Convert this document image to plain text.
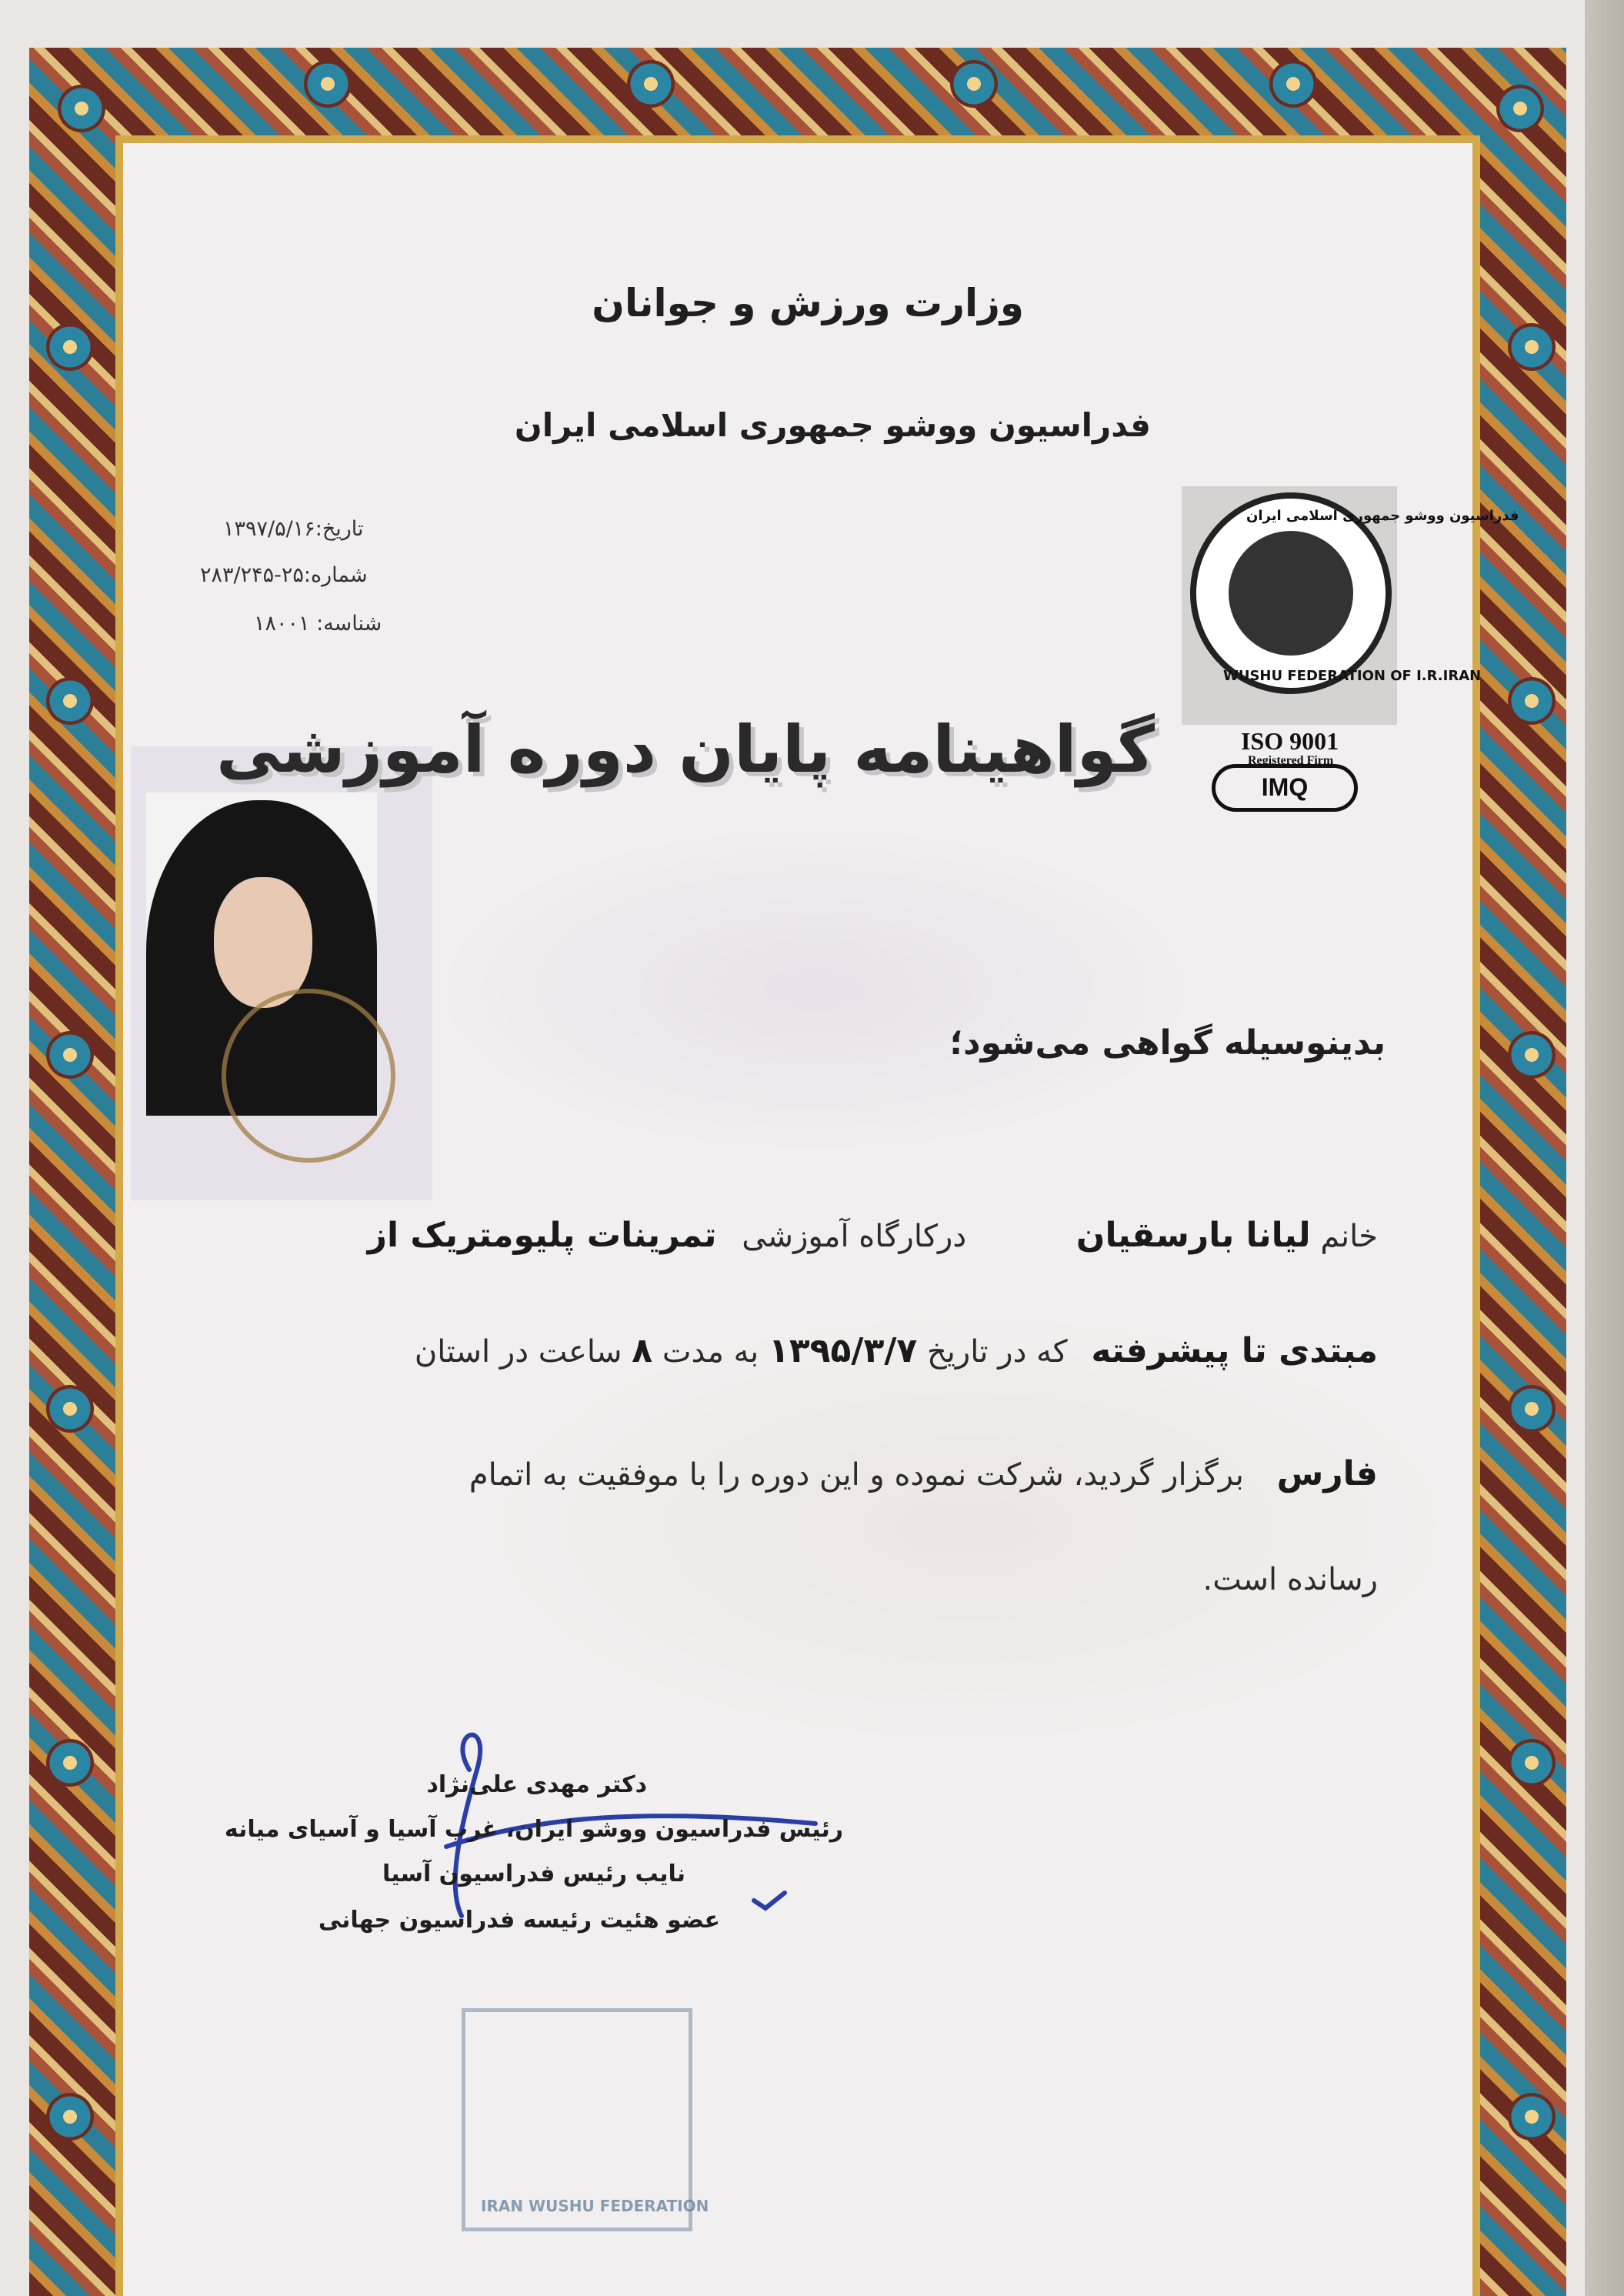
وزارت ورزش و جوانان
فدراسیون ووشو جمهوری اسلامی ایران
تاریخ:۱۳۹۷/۵/۱۶
شماره:۲۵-۲۸۳/۲۴۵
شناسه: ۱۸۰۰۱
فدراسیون ووشو جمهوری اسلامی ایران
WUSHU FEDERATION OF I.R.IRAN
ISO 9001
Registered Firm
IMQ
گواهینامه پایان دوره آموزشی
بدینوسیله گواهی می‌شود؛
خانم لیانا بارسقیان درکارگاه آموزشی تمرینات پلیومتریک از
مبتدی تا پیشرفته که در تاریخ ۱۳۹۵/۳/۷ به مدت ۸ ساعت در استان
فارس برگزار گردید، شرکت نموده و این دوره را با موفقیت به اتمام
رسانده است.
دکتر مهدی علی‌نژاد
رئیس فدراسیون ووشو ایران، غرب آسیا و آسیای میانه
نایب رئیس فدراسیون آسیا
عضو هئیت رئیسه فدراسیون جهانی
IRAN WUSHU FEDERATION
